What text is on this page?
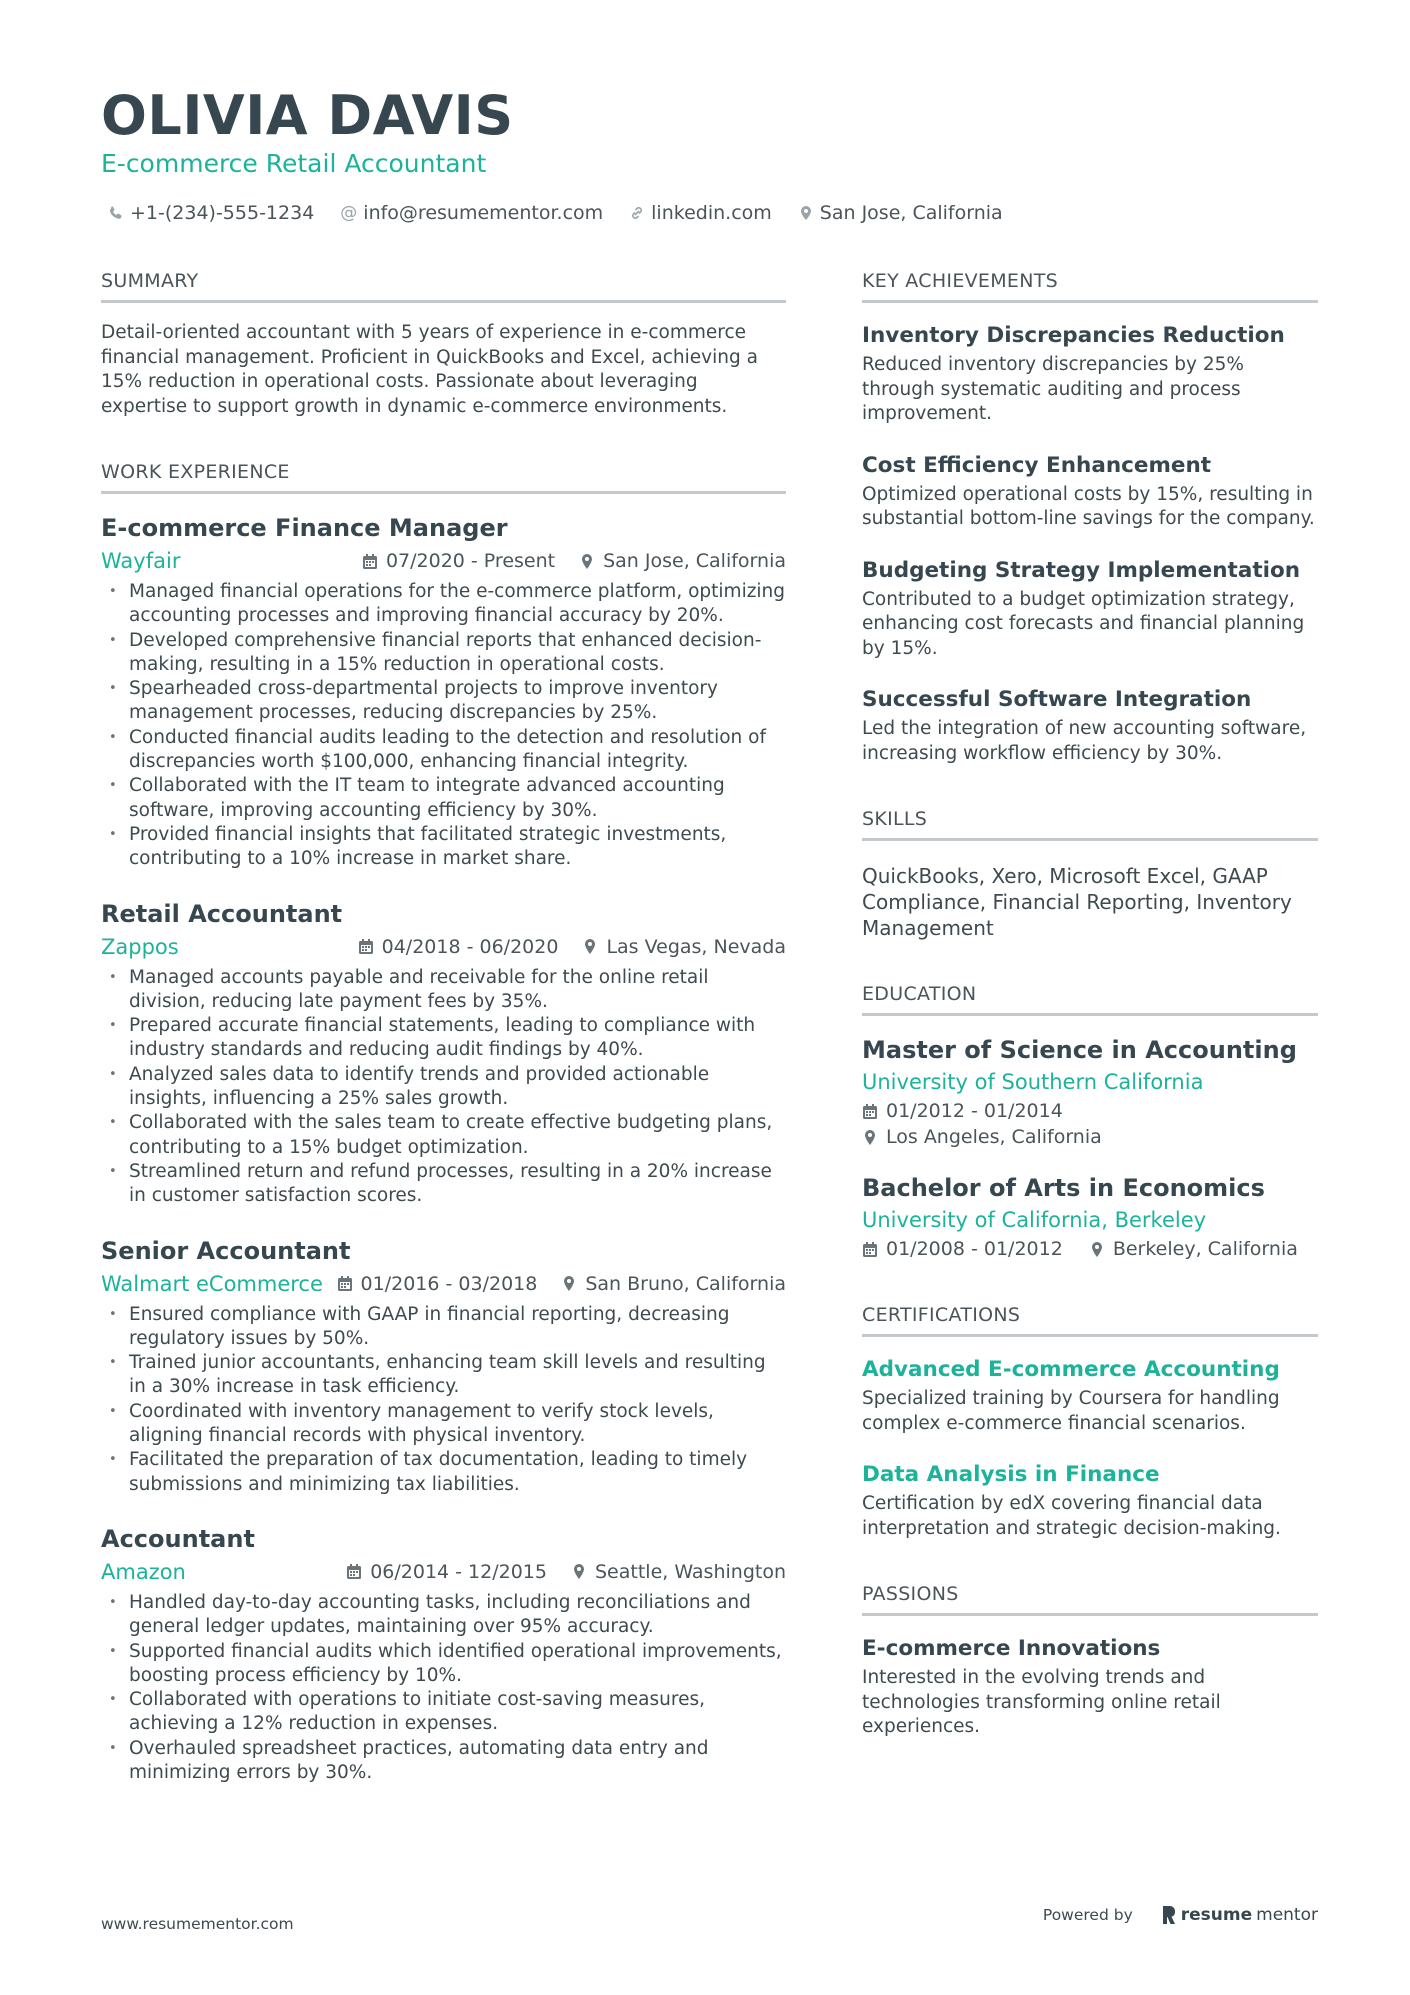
OLIVIA DAVIS
E-commerce Retail Accountant
+1-(234)-555-1234 @ info@resumementor.com	linkedin.com	San Jose, California
SUMMARY

Detail-oriented accountant with 5 years of experience in e-commerce financial management. Proficient in QuickBooks and Excel, achieving a 15% reduction in operational costs. Passionate about leveraging expertise to support growth in dynamic e-commerce environments.

WORK EXPERIENCE
E-commerce Finance Manager
Wayfair	07/2020 - Present	San Jose, California
• Managed financial operations for the e-commerce platform, optimizing accounting processes and improving financial accuracy by 20%.
• Developed comprehensive financial reports that enhanced decision-making, resulting in a 15% reduction in operational costs.
• Spearheaded cross-departmental projects to improve inventory management processes, reducing discrepancies by 25%.
• Conducted financial audits leading to the detection and resolution of discrepancies worth $100,000, enhancing financial integrity.
• Collaborated with the IT team to integrate advanced accounting software, improving accounting efficiency by 30%.
• Provided financial insights that facilitated strategic investments, contributing to a 10% increase in market share.
Retail Accountant
Zappos	04/2018 - 06/2020	Las Vegas, Nevada
• Managed accounts payable and receivable for the online retail division, reducing late payment fees by 35%.
• Prepared accurate financial statements, leading to compliance with industry standards and reducing audit findings by 40%.
• Analyzed sales data to identify trends and provided actionable insights, influencing a 25% sales growth.
• Collaborated with the sales team to create effective budgeting plans, contributing to a 15% budget optimization.
• Streamlined return and refund processes, resulting in a 20% increase in customer satisfaction scores.
Senior Accountant
Walmart eCommerce 01/2016 - 03/2018	San Bruno, California
• Ensured compliance with GAAP in financial reporting, decreasing regulatory issues by 50%.
• Trained junior accountants, enhancing team skill levels and resulting in a 30% increase in task efficiency.
• Coordinated with inventory management to verify stock levels, aligning financial records with physical inventory.
• Facilitated the preparation of tax documentation, leading to timely submissions and minimizing tax liabilities.
Accountant
Amazon	06/2014 - 12/2015	Seattle, Washington
• Handled day-to-day accounting tasks, including reconciliations and general ledger updates, maintaining over 95% accuracy.
• Supported financial audits which identified operational improvements, boosting process efficiency by 10%.
• Collaborated with operations to initiate cost-saving measures, achieving a 12% reduction in expenses.
• Overhauled spreadsheet practices, automating data entry and minimizing errors by 30%.
KEY ACHIEVEMENTS
Inventory Discrepancies Reduction

Reduced inventory discrepancies by 25% through systematic auditing and process improvement.

Cost Efficiency Enhancement

Optimized operational costs by 15%, resulting in substantial bottom-line savings for the company.

Budgeting Strategy Implementation

Contributed to a budget optimization strategy, enhancing cost forecasts and financial planning by 15%.

Successful Software Integration

Led the integration of new accounting software, increasing workflow efficiency by 30%.

SKILLS

QuickBooks, Xero, Microsoft Excel, GAAP Compliance, Financial Reporting, Inventory Management

EDUCATION
Master of Science in Accounting
University of Southern California
01/2012 - 01/2014
Los Angeles, California
Bachelor of Arts in Economics
University of California, Berkeley
01/2008 - 01/2012	Berkeley, California
CERTIFICATIONS
Advanced E-commerce Accounting

Specialized training by Coursera for handling complex e-commerce financial scenarios.

Data Analysis in Finance

Certification by edX covering financial data interpretation and strategic decision-making.

PASSIONS
E-commerce Innovations

Interested in the evolving trends and technologies transforming online retail experiences.

www.resumementor.com	Powered by	resume mentor
